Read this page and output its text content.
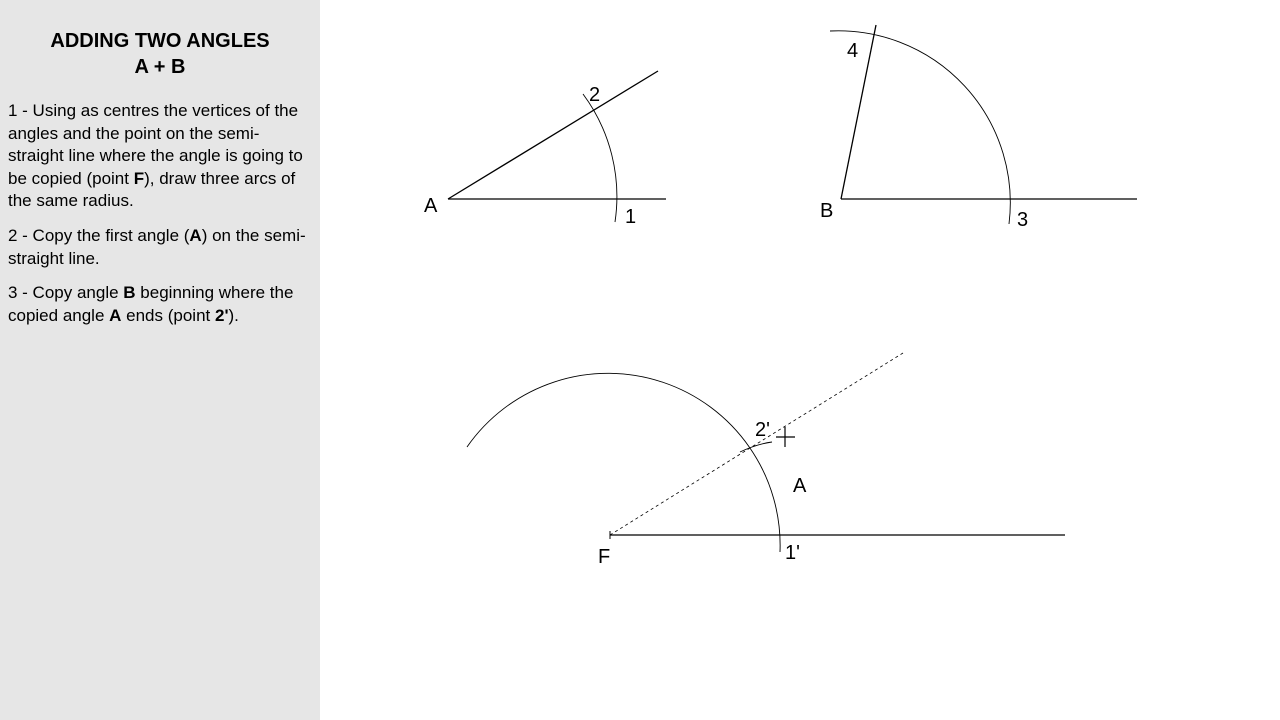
ADDING TWO ANGLES
A + B
1 - Using as centres the vertices of the angles and the point on the semi-straight line where the angle is going to be copied (point F), draw three arcs of the same radius.
2 - Copy the first angle (A) on the semi-straight line.
3 - Copy angle B beginning where the copied angle A ends (point 2').
A	1
2
B	3
4
F	1'
2'
A
